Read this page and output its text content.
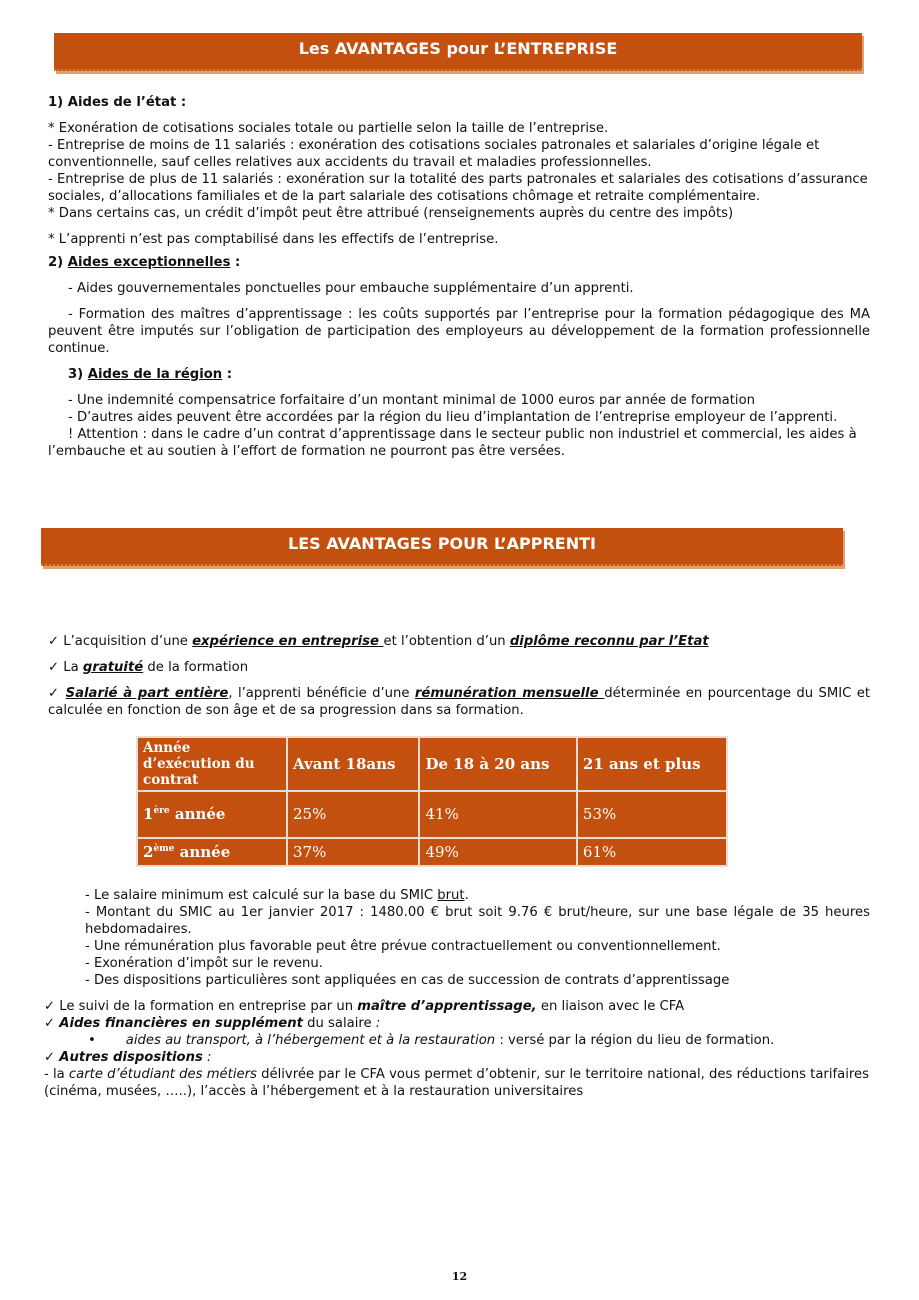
Les AVANTAGES pour L’ENTREPRISE

1) Aides de l’état :

* Exonération de cotisations sociales totale ou partielle selon la taille de l’entreprise.

- Entreprise de moins de 11 salariés : exonération des cotisations sociales patronales et salariales d’origine légale et conventionnelle, sauf celles relatives aux accidents du travail et maladies professionnelles.

- Entreprise de plus de 11 salariés : exonération sur la totalité des parts patronales et salariales des cotisations d’assurance sociales, d’allocations familiales et de la part salariale des cotisations chômage et retraite complémentaire.

* Dans certains cas, un crédit d’impôt peut être attribué (renseignements auprès du centre des impôts)

* L’apprenti n’est pas comptabilisé dans les effectifs de l’entreprise.

2) Aides exceptionnelles :

- Aides gouvernementales ponctuelles pour embauche supplémentaire d’un apprenti.

- Formation des maîtres d’apprentissage : les coûts supportés par l’entreprise pour la formation pédagogique des MA peuvent être imputés sur l’obligation de participation des employeurs au développement de la formation professionnelle continue.

3) Aides de la région :

- Une indemnité compensatrice forfaitaire d’un montant minimal de 1000 euros par année de formation

- D’autres aides peuvent être accordées par la région du lieu d’implantation de l’entreprise employeur de l’apprenti.

! Attention : dans le cadre d’un contrat d’apprentissage dans le secteur public non industriel et commercial, les aides à l’embauche et au soutien à l’effort de formation ne pourront pas être versées.

LES AVANTAGES POUR L’APPRENTI

✓ L’acquisition d’une expérience en entreprise et l’obtention d’un diplôme reconnu par l’Etat

✓ La gratuité de la formation

✓ Salarié à part entière, l’apprenti bénéficie d’une rémunération mensuelle déterminée en pourcentage du SMIC et calculée en fonction de son âge et de sa progression dans sa formation.

Année d’exécution du contrat	Avant 18ans	De 18 à 20 ans	21 ans et plus
1ère année	25%	41%	53%
2ème année	37%	49%	61%

- Le salaire minimum est calculé sur la base du SMIC brut.

- Montant du SMIC au 1er janvier 2017 : 1480.00 € brut soit 9.76 € brut/heure, sur une base légale de 35 heures hebdomadaires.

- Une rémunération plus favorable peut être prévue contractuellement ou conventionnellement.

- Exonération d’impôt sur le revenu.

- Des dispositions particulières sont appliquées en cas de succession de contrats d’apprentissage

✓ Le suivi de la formation en entreprise par un maître d’apprentissage, en liaison avec le CFA

✓ Aides financières en supplément du salaire :

• aides au transport, à l’hébergement et à la restauration : versé par la région du lieu de formation.

✓ Autres dispositions :

- la carte d’étudiant des métiers délivrée par le CFA vous permet d’obtenir, sur le territoire national, des réductions tarifaires (cinéma, musées, …..), l’accès à l’hébergement et à la restauration universitaires

12
